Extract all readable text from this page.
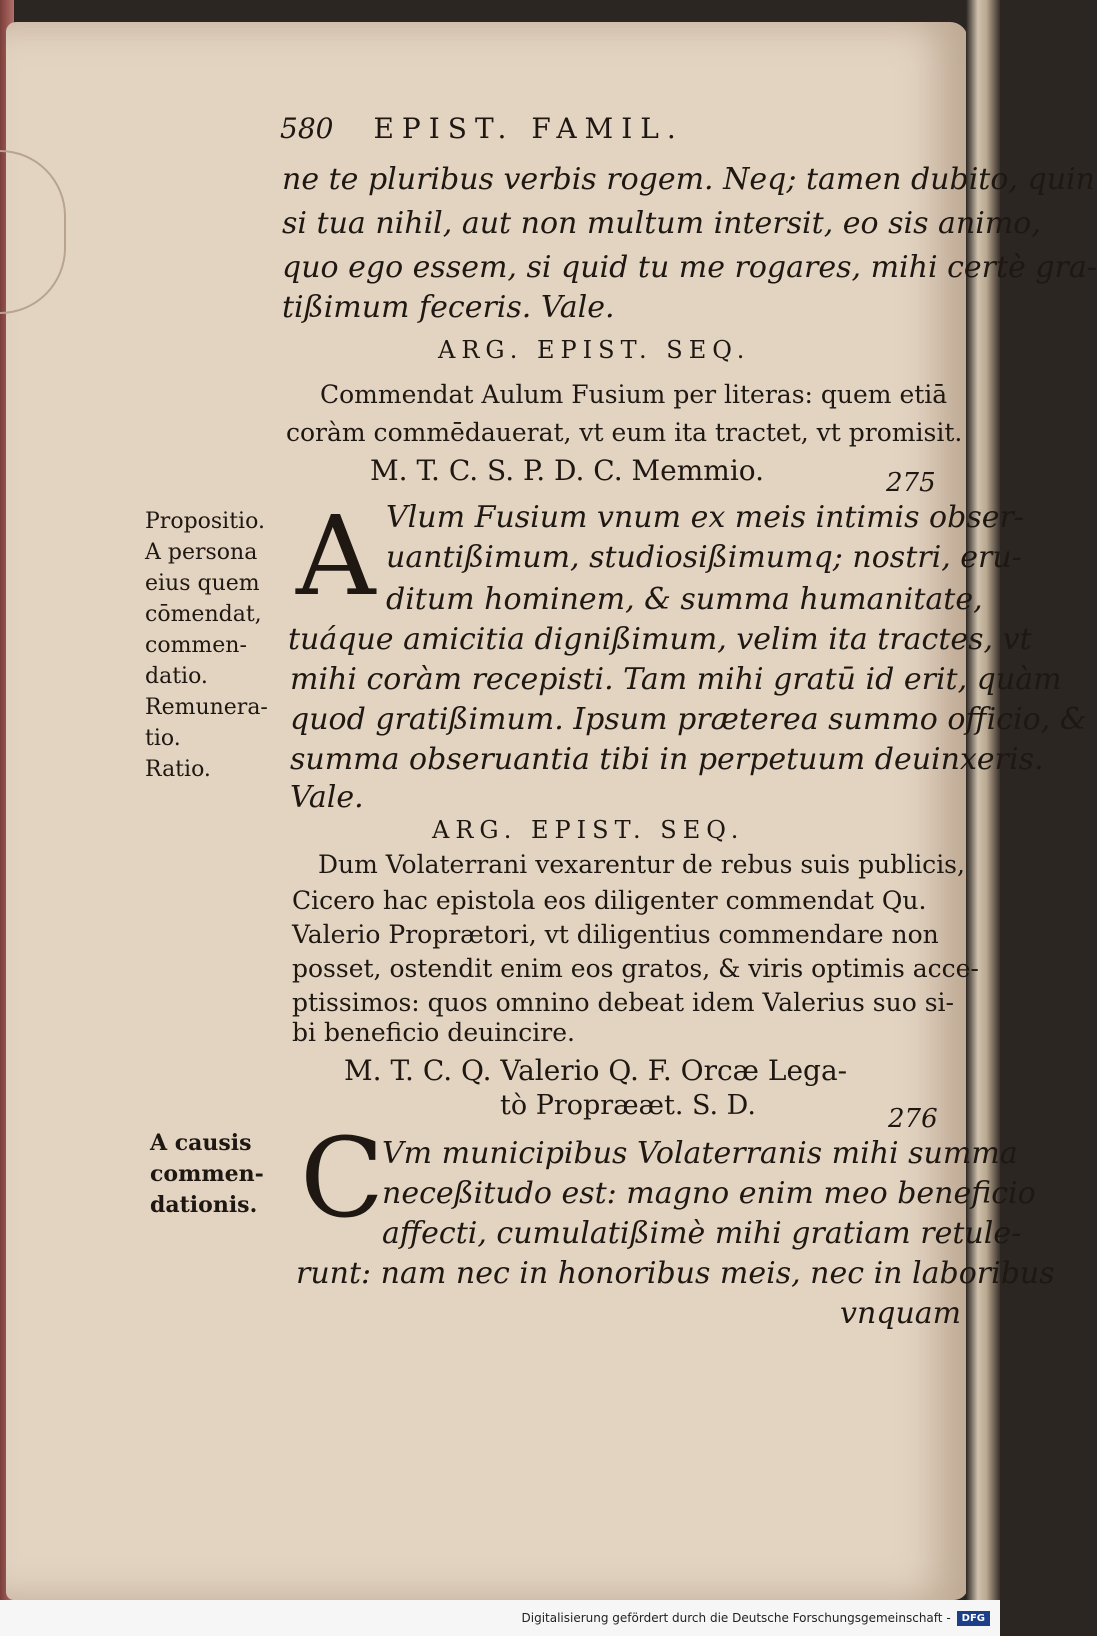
580 EPIST. FAMIL.
ne te pluribus verbis rogem. Neq; tamen dubito, quin
si tua nihil, aut non multum intersit, eo sis animo,
quo ego essem, si quid tu me rogares, mihi certè gra-
tißimum feceris. Vale.
ARG. EPIST. SEQ.
Commendat Aulum Fusium per literas: quem etiā
coràm commēdauerat, vt eum ita tractet, vt promisit.
M. T. C. S. P. D. C. Memmio.	275
Propositio.
A persona
eius quem
cōmendat,
commen-
datio.
Remunera-
tio.
Ratio.
A Vlum Fusium vnum ex meis intimis obser-
uantißimum, studiosißimumq; nostri, eru-
ditum hominem, & summa humanitate,
tuáque amicitia dignißimum, velim ita tractes, vt
mihi coràm recepisti. Tam mihi gratū id erit, quàm
quod gratißimum. Ipsum præterea summo officio, &
summa obseruantia tibi in perpetuum deuinxeris.
Vale.
ARG. EPIST. SEQ.
Dum Volaterrani vexarentur de rebus suis publicis,
Cicero hac epistola eos diligenter commendat Qu.
Valerio Proprætori, vt diligentius commendare non
posset, ostendit enim eos gratos, & viris optimis acce-
ptissimos: quos omnino debeat idem Valerius suo si-
bi beneficio deuincire.
M. T. C. Q. Valerio Q. F. Orcæ Lega-
tò Proprææt. S. D.	276
A causis
commen-
dationis. C
Vm municipibus Volaterranis mihi summa
neceßitudo est: magno enim meo beneficio
affecti, cumulatißimè mihi gratiam retule-
runt: nam nec in honoribus meis, nec in laboribus
vnquam
Digitalisierung gefördert durch die Deutsche Forschungsgemeinschaft -	DFG
